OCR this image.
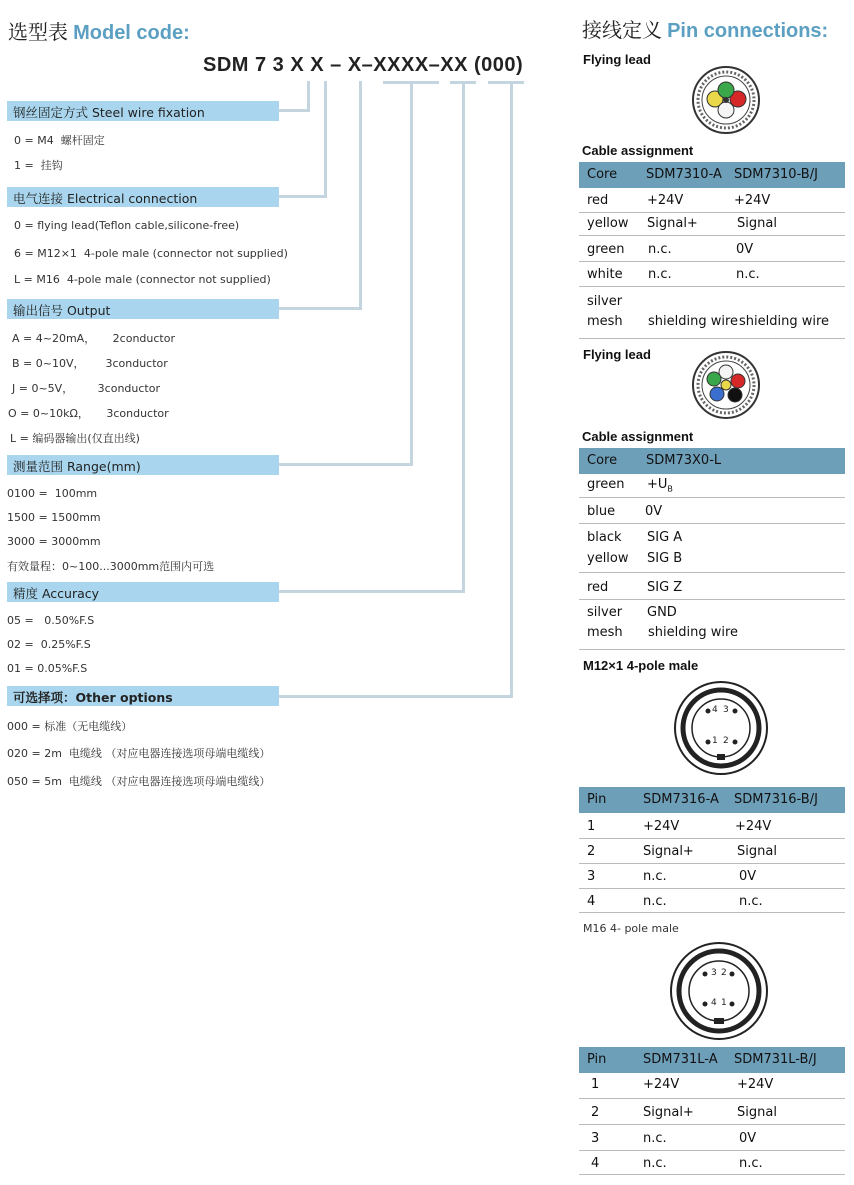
选型表 Model code:
SDM 7 3 X X – X–XXXX–XX (000)
钢丝固定方式 Steel wire fixation
0 = M4  螺杆固定
1 =  挂钩
电气连接 Electrical connection
0 = flying lead(Teflon cable,silicone-free)
6 = M12×1  4-pole male (connector not supplied)
L = M16  4-pole male (connector not supplied)
输出信号 Output
A = 4~20mA，     2conductor
B = 0~10V，      3conductor
J = 0~5V，       3conductor
O = 0~10kΩ，     3conductor
L = 编码器输出(仅直出线)
测量范围 Range(mm)
0100 =  100mm
1500 = 1500mm
3000 = 3000mm
有效量程：0~100...3000mm范围内可选
精度 Accuracy
05 =   0.50%F.S
02 =  0.25%F.S
01 = 0.05%F.S
可选择项：Other options
000 = 标准（无电缆线）
020 = 2m  电缆线 （对应电器连接选项母端电缆线）
050 = 5m  电缆线 （对应电器连接选项母端电缆线）
接线定义 Pin connections:
Flying lead
Cable assignment
Core SDM7310-A SDM7310-B/J
red	+24V	+24V
yellow Signal+	Signal
green n.c.	0V
white n.c.	n.c.
silver
mesh shielding wire shielding wire
Flying lead
Cable assignment
Core SDM73X0-L
green $+U_B$
blue 0V
black SIG A
yellow SIG B
red	SIG Z
silver GND
mesh shielding wire
M12×1 4-pole male
4 3
1 2
Pin	SDM7316-A SDM7316-B/J
1	+24V	+24V
2	Signal+	Signal
3	n.c.	0V
4	n.c.	n.c.
M16 4- pole male
3 2
4 1
Pin	SDM731L-A SDM731L-B/J
1	+24V	+24V
2	Signal+	Signal
3	n.c.	0V
4	n.c.	n.c.
